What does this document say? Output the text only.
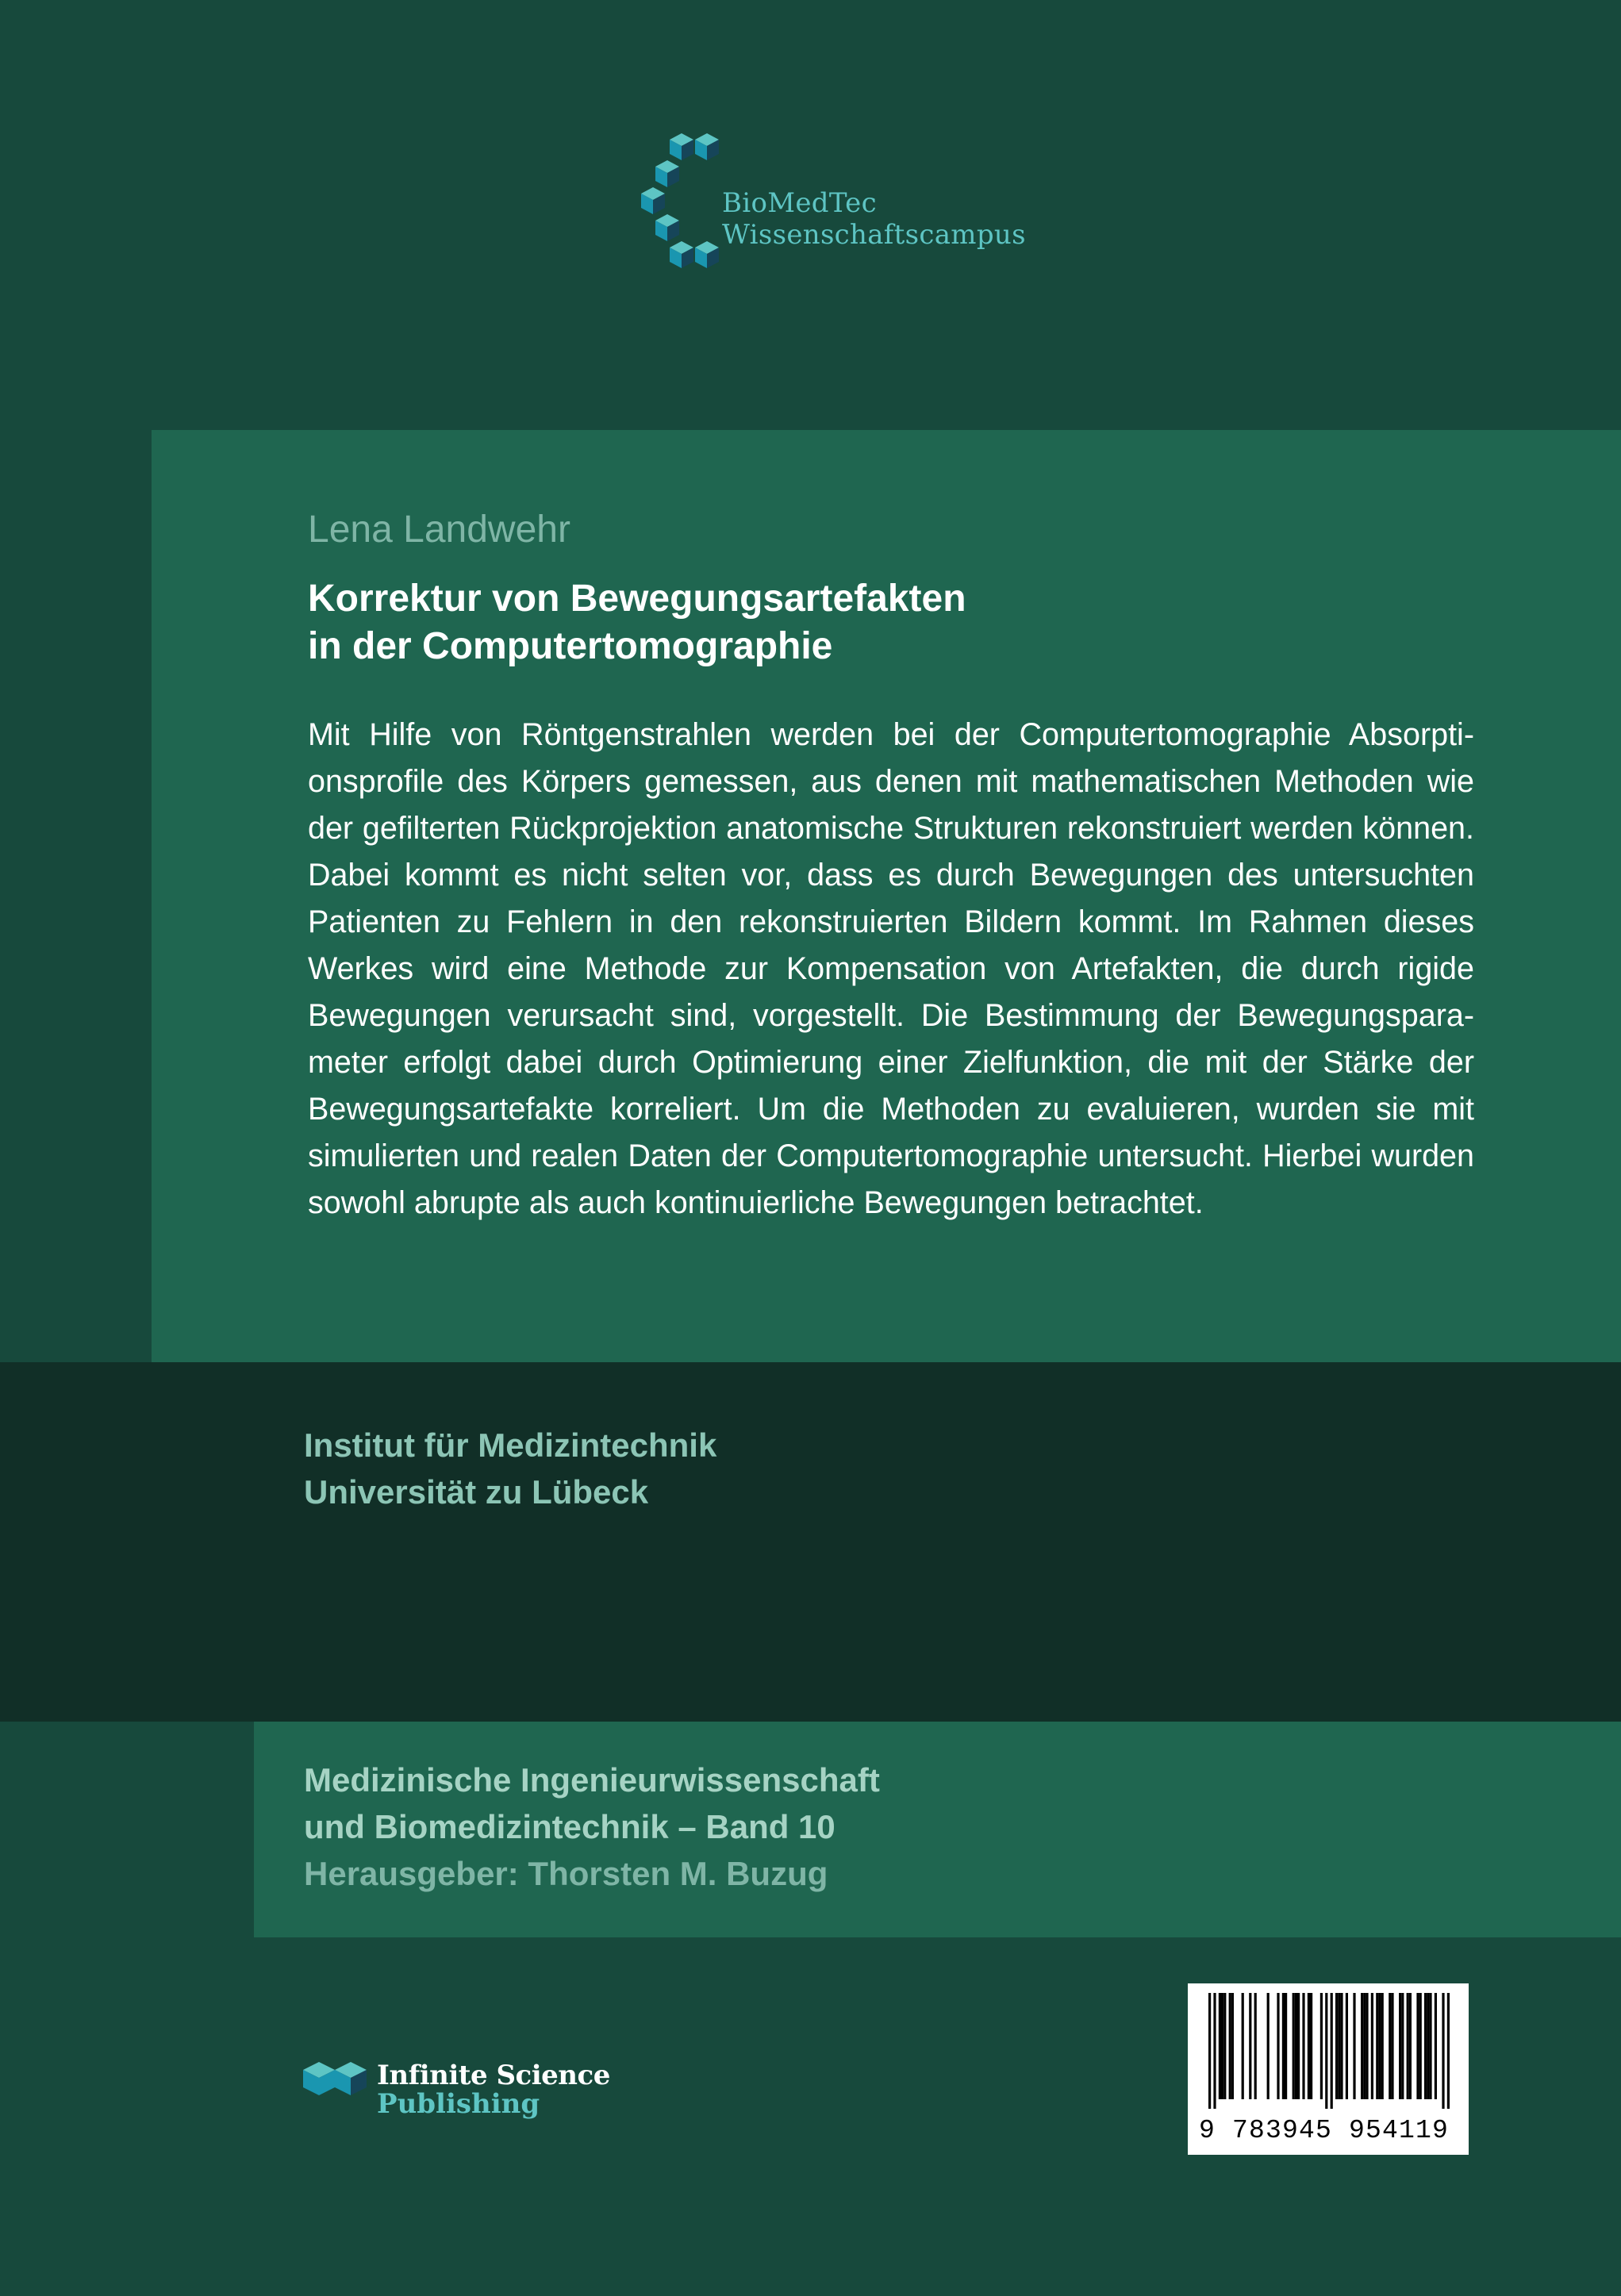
BioMedTec
Wissenschaftscampus
Lena Landwehr
Korrektur von Bewegungsartefakten
in der Computertomographie
Mit Hilfe von Röntgenstrahlen werden bei der Computertomographie Absorptionsprofile des Körpers gemessen, aus denen mit mathematischen Methoden wie der gefilterten Rückprojektion anatomische Strukturen rekonstruiert werden können. Dabei kommt es nicht selten vor, dass es durch Bewegungen des untersuchten Patienten zu Fehlern in den rekonstruierten Bildern kommt. Im Rahmen dieses Werkes wird eine Methode zur Kompensation von Artefakten, die durch rigide Bewegungen verursacht sind, vorgestellt. Die Bestimmung der Bewegungsparameter erfolgt dabei durch Optimierung einer Zielfunktion, die mit der Stärke der Bewegungsartefakte korreliert. Um die Methoden zu evaluieren, wurden sie mit simulierten und realen Daten der Computertomographie untersucht. Hierbei wurden sowohl abrupte als auch kontinuierliche Bewegungen betrachtet.
Institut für Medizintechnik
Universität zu Lübeck
Medizinische Ingenieurwissenschaft
und Biomedizintechnik – Band 10
Herausgeber: Thorsten M. Buzug
Infinite Science
Publishing
9 783945 954119
